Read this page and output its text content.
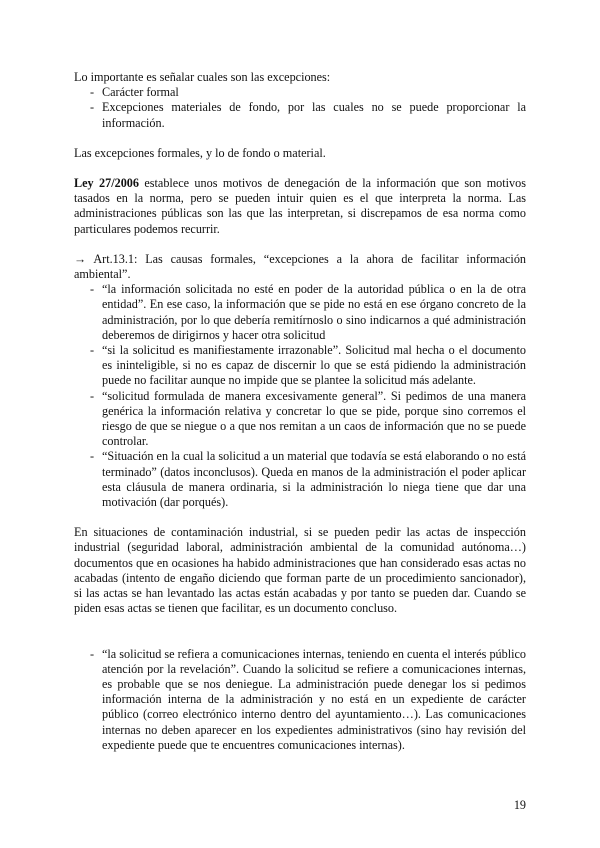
Lo importante es señalar cuales son las excepciones:

- Carácter formal
- Excepciones materiales de fondo, por las cuales no se puede proporcionar la información.

Las excepciones formales, y lo de fondo o material.

Ley 27/2006 establece unos motivos de denegación de la información que son motivos tasados en la norma, pero se pueden intuir quien es el que interpreta la norma. Las administraciones públicas son las que las interpretan, si discrepamos de esa norma como particulares podemos recurrir.

→ Art.13.1: Las causas formales, “excepciones a la ahora de facilitar información ambiental”.

- “la información solicitada no esté en poder de la autoridad pública o en la de otra entidad”. En ese caso, la información que se pide no está en ese órgano concreto de la administración, por lo que debería remitírnoslo o sino indicarnos a qué administración deberemos de dirigirnos y hacer otra solicitud
- “si la solicitud es manifiestamente irrazonable”. Solicitud mal hecha o el documento es ininteligible, si no es capaz de discernir lo que se está pidiendo la administración puede no facilitar aunque no impide que se plantee la solicitud más adelante.
- “solicitud formulada de manera excesivamente general”. Si pedimos de una manera genérica la información relativa y concretar lo que se pide, porque sino corremos el riesgo de que se niegue o a que nos remitan a un caos de información que no se puede controlar.
- “Situación en la cual la solicitud a un material que todavía se está elaborando o no está terminado” (datos inconclusos). Queda en manos de la administración el poder aplicar esta cláusula de manera ordinaria, si la administración lo niega tiene que dar una motivación (dar porqués).

En situaciones de contaminación industrial, si se pueden pedir las actas de inspección industrial (seguridad laboral, administración ambiental de la comunidad autónoma…) documentos que en ocasiones ha habido administraciones que han considerado esas actas no acabadas (intento de engaño diciendo que forman parte de un procedimiento sancionador), si las actas se han levantado las actas están acabadas y por tanto se pueden dar. Cuando se piden esas actas se tienen que facilitar, es un documento concluso.

- “la solicitud se refiera a comunicaciones internas, teniendo en cuenta el interés público atención por la revelación”. Cuando la solicitud se refiere a comunicaciones internas, es probable que se nos deniegue. La administración puede denegar los si pedimos información interna de la administración y no está en un expediente de carácter público (correo electrónico interno dentro del ayuntamiento…). Las comunicaciones internas no deben aparecer en los expedientes administrativos (sino hay revisión del expediente puede que te encuentres comunicaciones internas).
19
